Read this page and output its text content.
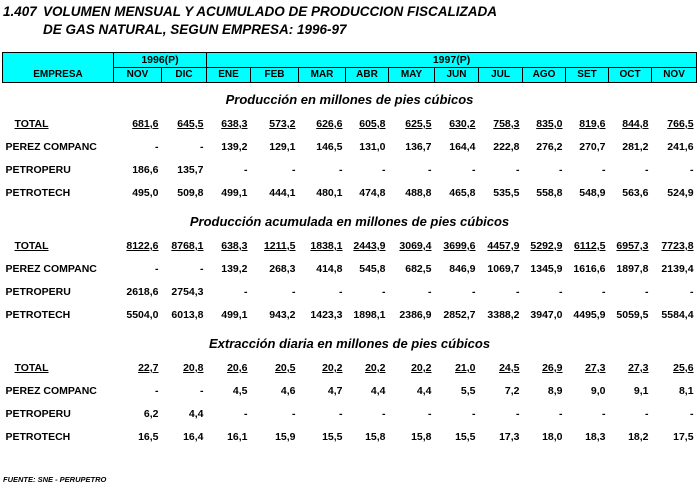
1.407 VOLUMEN MENSUAL Y ACUMULADO DE PRODUCCION FISCALIZADA
DE GAS NATURAL, SEGUN EMPRESA: 1996-97
	1996(P)		1997(P)										
EMPRESA	NOV	DIC	ENE	FEB	MAR	ABR	MAY	JUN	JUL	AGO	SET	OCT	NOV
Producción en millones de pies cúbicos													
TOTAL	681,6	645,5	638,3	573,2	626,6	605,8	625,5	630,2	758,3	835,0	819,6	844,8	766,5
PEREZ COMPANC	-	-	139,2	129,1	146,5	131,0	136,7	164,4	222,8	276,2	270,7	281,2	241,6
PETROPERU	186,6	135,7	-	-	-	-	-	-	-	-	-	-	-
PETROTECH	495,0	509,8	499,1	444,1	480,1	474,8	488,8	465,8	535,5	558,8	548,9	563,6	524,9
Producción acumulada en millones de pies cúbicos													
TOTAL	8122,6	8768,1	638,3	1211,5	1838,1	2443,9	3069,4	3699,6	4457,9	5292,9	6112,5	6957,3	7723,8
PEREZ COMPANC	-	-	139,2	268,3	414,8	545,8	682,5	846,9	1069,7	1345,9	1616,6	1897,8	2139,4
PETROPERU	2618,6	2754,3	-	-	-	-	-	-	-	-	-	-	-
PETROTECH	5504,0	6013,8	499,1	943,2	1423,3	1898,1	2386,9	2852,7	3388,2	3947,0	4495,9	5059,5	5584,4
Extracción diaria en millones de pies cúbicos													
TOTAL	22,7	20,8	20,6	20,5	20,2	20,2	20,2	21,0	24,5	26,9	27,3	27,3	25,6
PEREZ COMPANC	-	-	4,5	4,6	4,7	4,4	4,4	5,5	7,2	8,9	9,0	9,1	8,1
PETROPERU	6,2	4,4	-	-	-	-	-	-	-	-	-	-	-
PETROTECH	16,5	16,4	16,1	15,9	15,5	15,8	15,8	15,5	17,3	18,0	18,3	18,2	17,5
FUENTE: SNE - PERUPETRO
